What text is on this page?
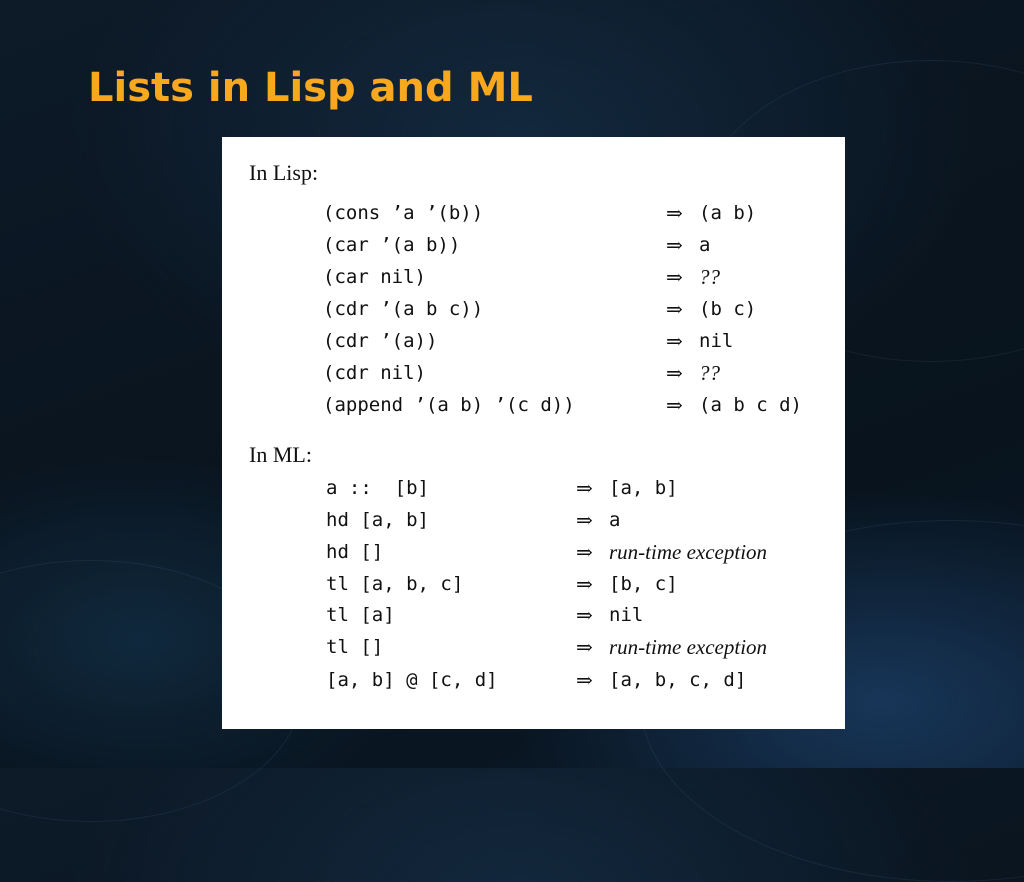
Lists in Lisp and ML
In Lisp:
(cons ’a ’(b))	⇒ (a b)
(car ’(a b))	⇒ a
(car nil)	⇒ ??
(cdr ’(a b c))	⇒ (b c)
(cdr ’(a))	⇒ nil
(cdr nil)	⇒ ??
(append ’(a b) ’(c d))	⇒ (a b c d)
In ML:
a ::  [b]	⇒ [a, b]
hd [a, b]	⇒ a
hd []	⇒ run-time exception
tl [a, b, c]	⇒ [b, c]
tl [a]	⇒ nil
tl []	⇒ run-time exception
[a, b] @ [c, d]	⇒ [a, b, c, d]
